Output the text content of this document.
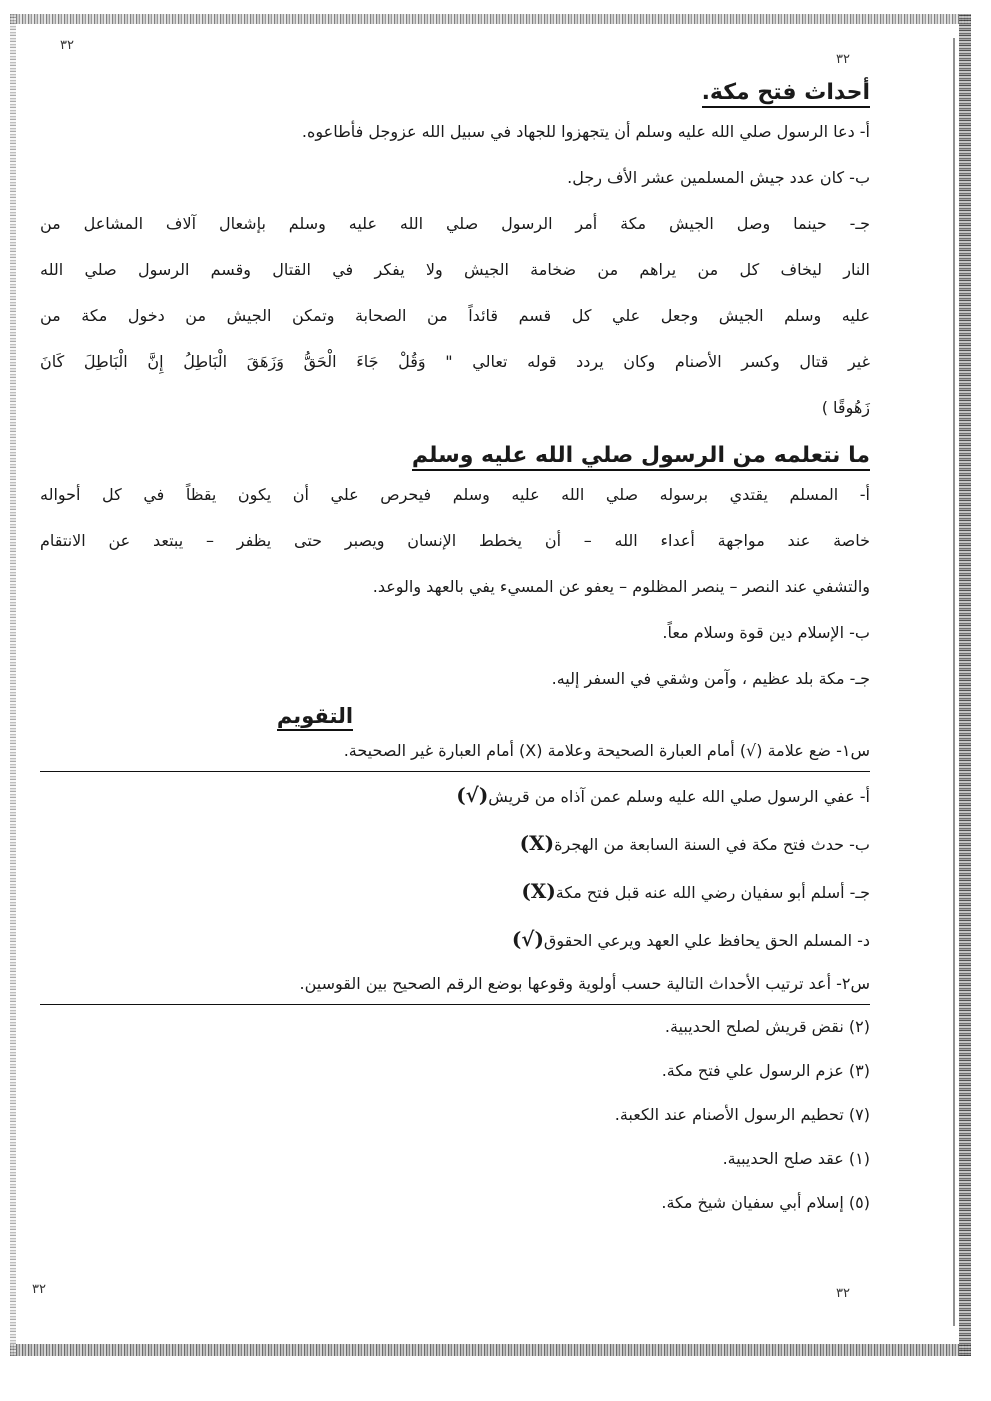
٣٢
٣٢
٣٢	٣٢
أحداث فتح مكة.

أ- دعا الرسول صلي الله عليه وسلم أن يتجهزوا للجهاد في سبيل الله عزوجل فأطاعوه.

ب- كان عدد جيش المسلمين عشر الأف رجل.

جـ- حينما وصل الجيش مكة أمر الرسول صلي الله عليه وسلم بإشعال آلاف المشاعل من

النار ليخاف كل من يراهم من ضخامة الجيش ولا يفكر في القتال وقسم الرسول صلي الله

عليه وسلم الجيش وجعل علي كل قسم قائداً من الصحابة وتمكن الجيش من دخول مكة من

غير قتال وكسر الأصنام وكان يردد قوله تعالي " وَقُلْ جَاءَ الْحَقُّ وَزَهَقَ الْبَاطِلُ إِنَّ الْبَاطِلَ كَانَ

زَهُوقًا )

ما نتعلمه من الرسول صلي الله عليه وسلم

أ- المسلم يقتدي برسوله صلي الله عليه وسلم فيحرص علي أن يكون يقظاً في كل أحواله

خاصة عند مواجهة أعداء الله – أن يخطط الإنسان ويصبر حتى يظفر – يبتعد عن الانتقام

والتشفي عند النصر – ينصر المظلوم – يعفو عن المسيء يفي بالعهد والوعد.

ب- الإسلام دين قوة وسلام معاً.

جـ- مكة بلد عظيم ، وآمن وشقي في السفر إليه.

التقويم

س١- ضع علامة (√) أمام العبارة الصحيحة وعلامة (X) أمام العبارة غير الصحيحة.

أ- عفي الرسول صلي الله عليه وسلم عمن آذاه من قريش(√)

ب- حدث فتح مكة في السنة السابعة من الهجرة(X)

جـ- أسلم أبو سفيان رضي الله عنه قبل فتح مكة(X)

د- المسلم الحق يحافظ علي العهد ويرعي الحقوق(√)

س٢- أعد ترتيب الأحداث التالية حسب أولوية وقوعها بوضع الرقم الصحيح بين القوسين.

(٢) نقض قريش لصلح الحديبية.

(٣) عزم الرسول علي فتح مكة.

(٧) تحطيم الرسول الأصنام عند الكعبة.

(١) عقد صلح الحديبية.

(٥) إسلام أبي سفيان شيخ مكة.
